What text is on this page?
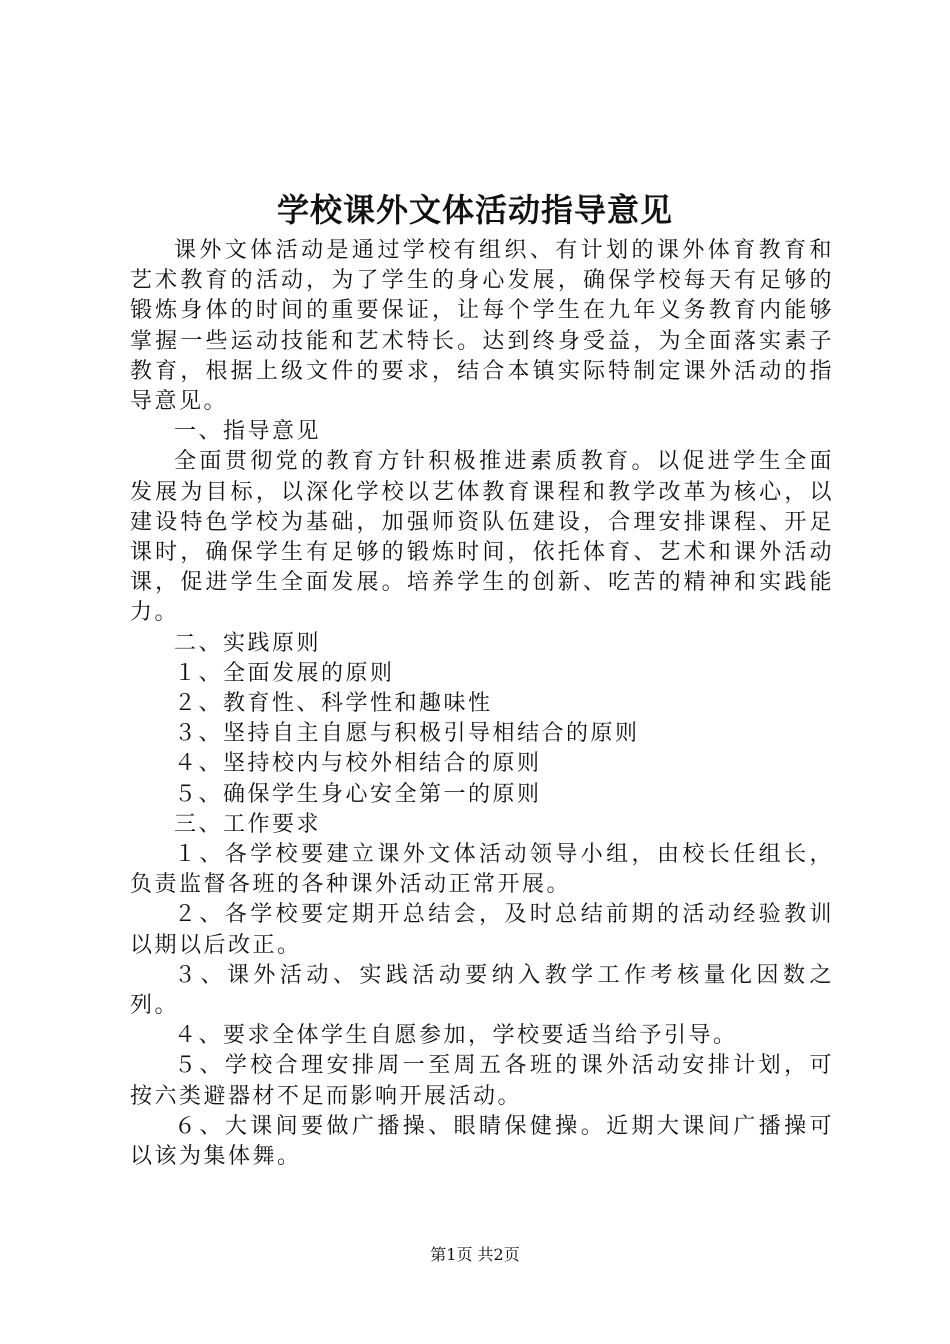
学校课外文体活动指导意见

课外文体活动是通过学校有组织、有计划的课外体育教育和艺术教育的活动，为了学生的身心发展，确保学校每天有足够的锻炼身体的时间的重要保证，让每个学生在九年义务教育内能够掌握一些运动技能和艺术特长。达到终身受益，为全面落实素子教育，根据上级文件的要求，结合本镇实际特制定课外活动的指导意见。

一、指导意见

全面贯彻党的教育方针积极推进素质教育。以促进学生全面发展为目标，以深化学校以艺体教育课程和教学改革为核心，以建设特色学校为基础，加强师资队伍建设，合理安排课程、开足课时，确保学生有足够的锻炼时间，依托体育、艺术和课外活动课，促进学生全面发展。培养学生的创新、吃苦的精神和实践能力。

二、实践原则

１、全面发展的原则

２、教育性、科学性和趣味性

３、坚持自主自愿与积极引导相结合的原则

４、坚持校内与校外相结合的原则

５、确保学生身心安全第一的原则

三、工作要求

１、各学校要建立课外文体活动领导小组，由校长任组长，负责监督各班的各种课外活动正常开展。

２、各学校要定期开总结会，及时总结前期的活动经验教训以期以后改正。

３、课外活动、实践活动要纳入教学工作考核量化因数之列。

４、要求全体学生自愿参加，学校要适当给予引导。

５、学校合理安排周一至周五各班的课外活动安排计划，可按六类避器材不足而影响开展活动。

６、大课间要做广播操、眼睛保健操。近期大课间广播操可以该为集体舞。

第1页 共2页
